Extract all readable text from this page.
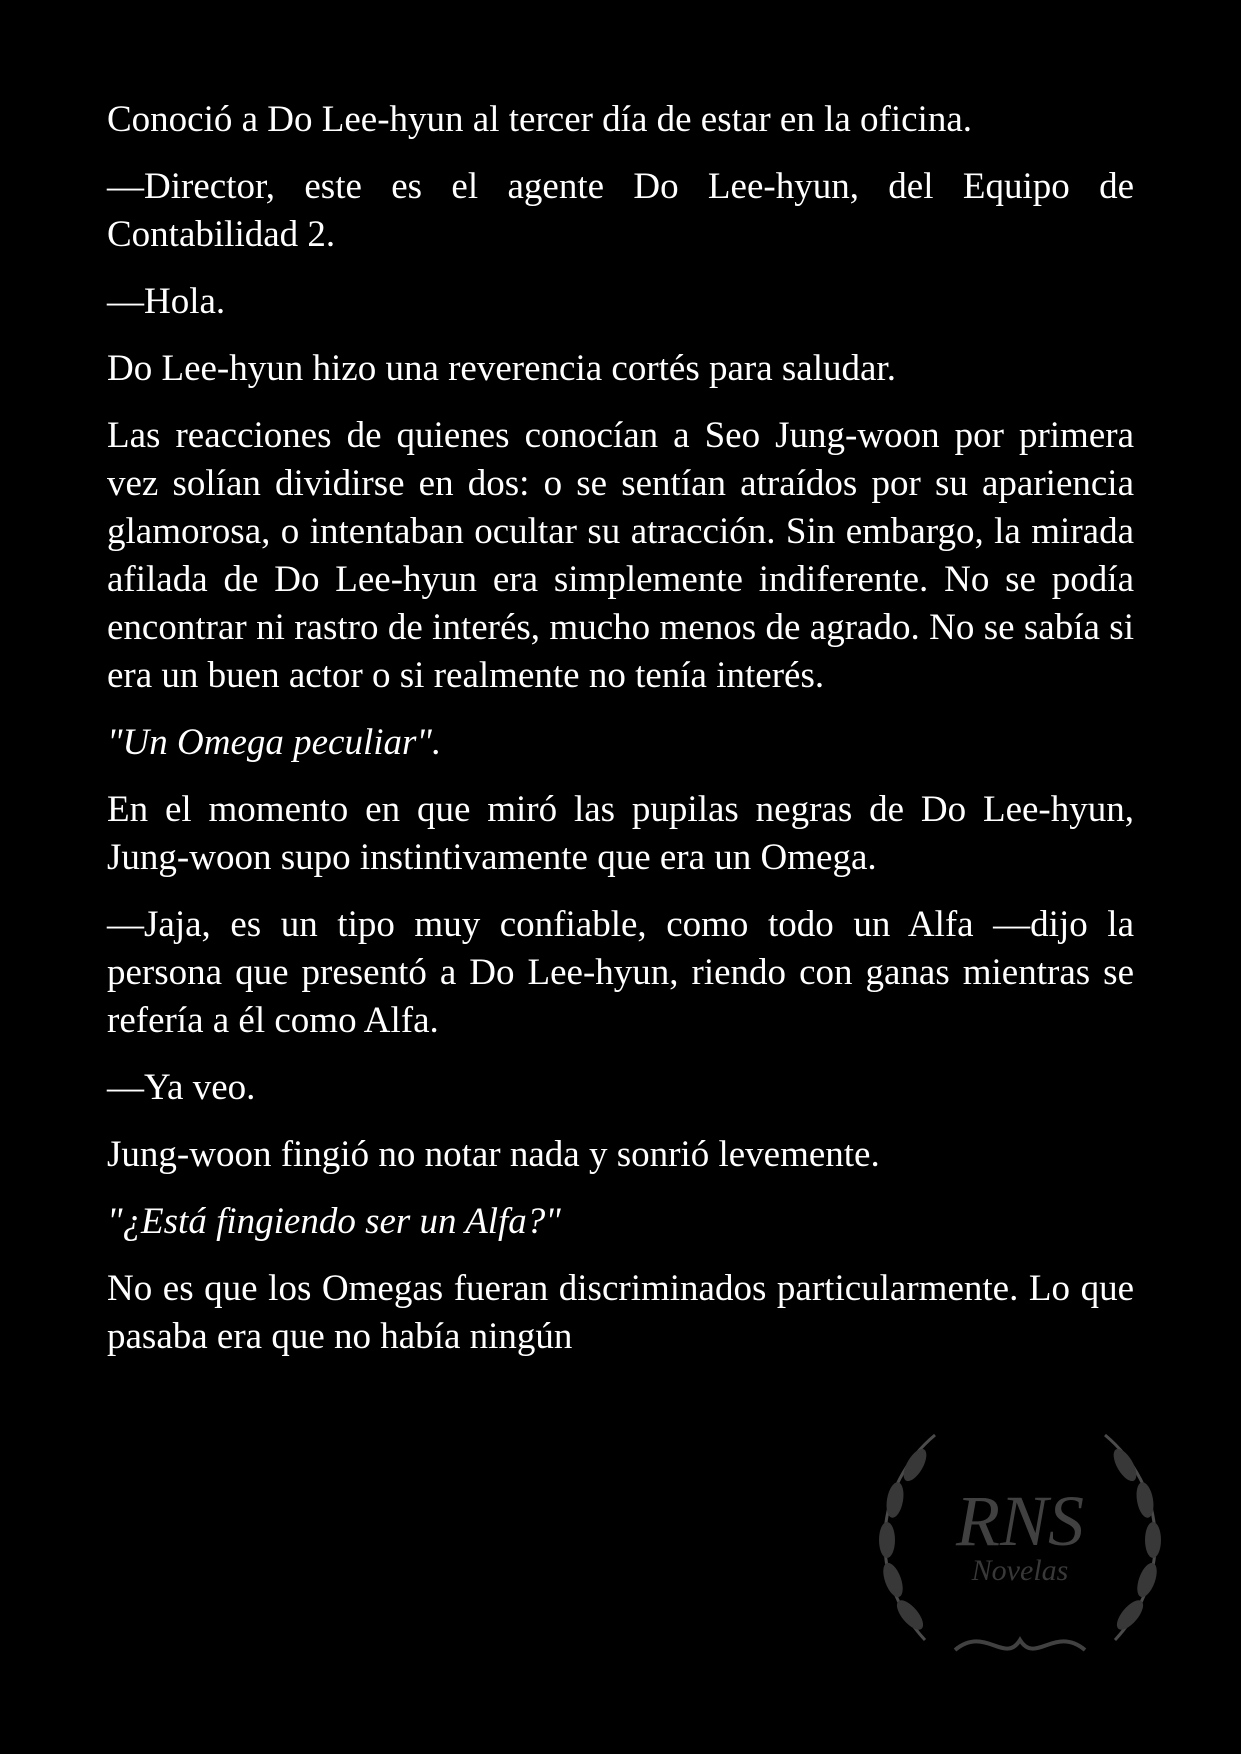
RNS
Novelas

Conoció a Do Lee-hyun al tercer día de estar en la oficina.

—Director, este es el agente Do Lee-hyun, del Equipo de Contabilidad 2.

—Hola.

Do Lee-hyun hizo una reverencia cortés para saludar.

Las reacciones de quienes conocían a Seo Jung-woon por primera vez solían dividirse en dos: o se sentían atraídos por su apariencia glamorosa, o intentaban ocultar su atracción. Sin embargo, la mirada afilada de Do Lee-hyun era simplemente indiferente. No se podía encontrar ni rastro de interés, mucho menos de agrado. No se sabía si era un buen actor o si realmente no tenía interés.

"Un Omega peculiar".

En el momento en que miró las pupilas negras de Do Lee-hyun, Jung-woon supo instintivamente que era un Omega.

—Jaja, es un tipo muy confiable, como todo un Alfa —dijo la persona que presentó a Do Lee-hyun, riendo con ganas mientras se refería a él como Alfa.

—Ya veo.

Jung-woon fingió no notar nada y sonrió levemente.

"¿Está fingiendo ser un Alfa?"

No es que los Omegas fueran discriminados particularmente. Lo que pasaba era que no había ningún
